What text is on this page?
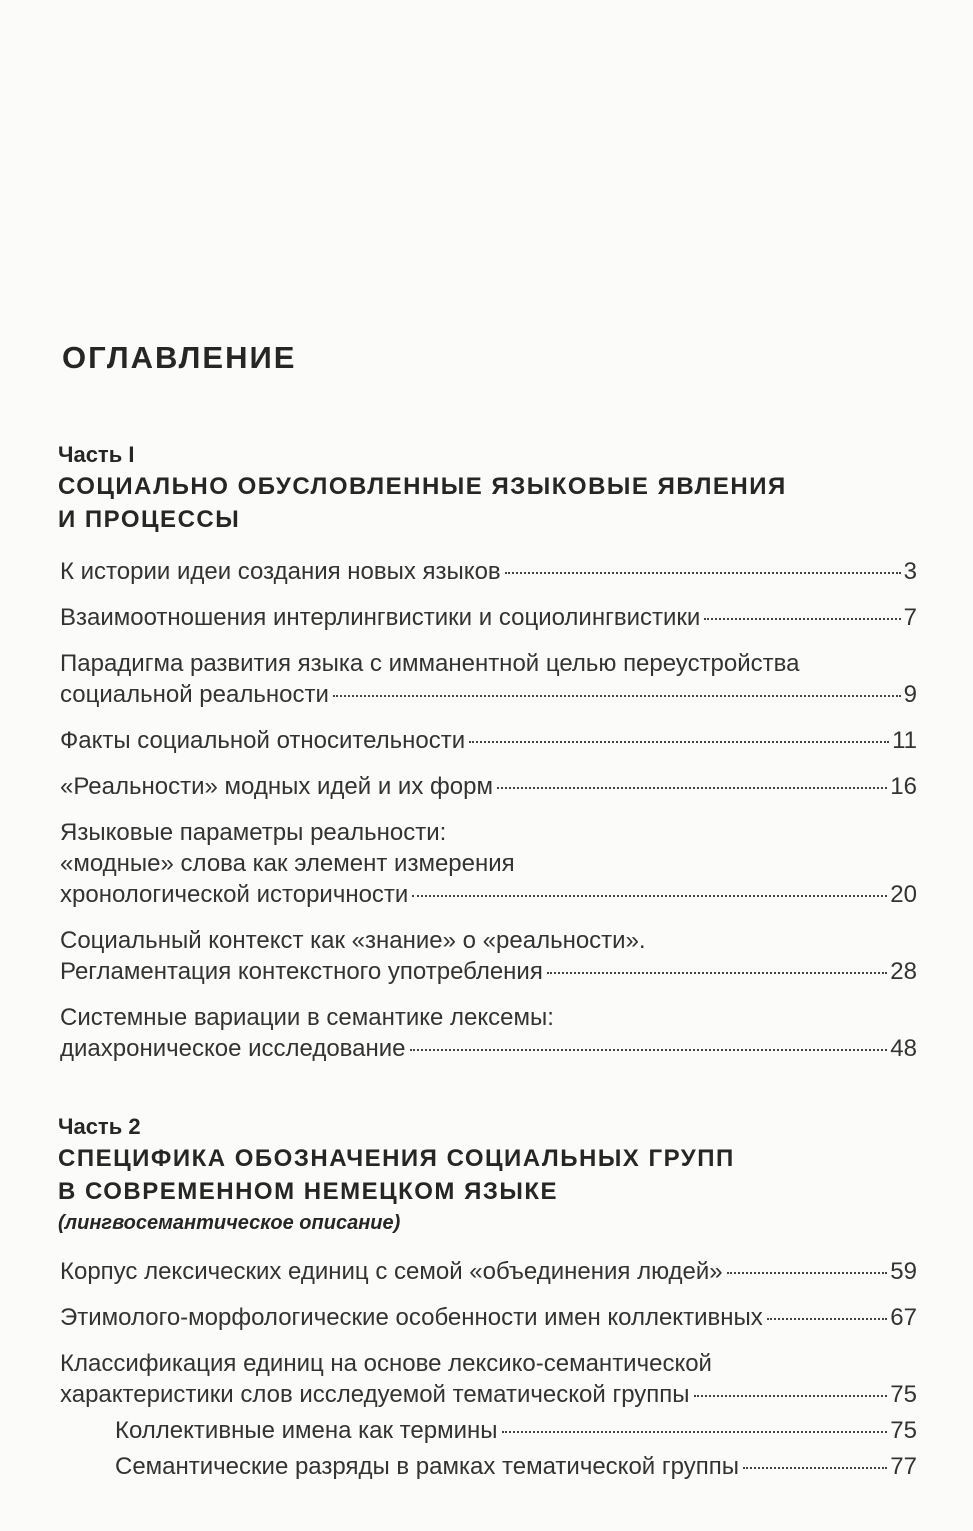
ОГЛАВЛЕНИЕ
Часть I
СОЦИАЛЬНО ОБУСЛОВЛЕННЫЕ ЯЗЫКОВЫЕ ЯВЛЕНИЯ
И ПРОЦЕССЫ
К истории идеи создания новых языков	3
Взаимоотношения интерлингвистики и социолингвистики	7
Парадигма развития языка с имманентной целью переустройства
социальной реальности	9
Факты социальной относительности	11
«Реальности» модных идей и их форм	16
Языковые параметры реальности:
«модные» слова как элемент измерения
хронологической историчности	20
Социальный контекст как «знание» о «реальности».
Регламентация контекстного употребления	28
Системные вариации в семантике лексемы:
диахроническое исследование	48
Часть 2
СПЕЦИФИКА ОБОЗНАЧЕНИЯ СОЦИАЛЬНЫХ ГРУПП
В СОВРЕМЕННОМ НЕМЕЦКОМ ЯЗЫКЕ
(лингвосемантическое описание)
Корпус лексических единиц с семой «объединения людей»	59
Этимолого-морфологические особенности имен коллективных	67
Классификация единиц на основе лексико-семантической
характеристики слов исследуемой тематической группы	75
Коллективные имена как термины	75
Семантические разряды в рамках тематической группы	77
